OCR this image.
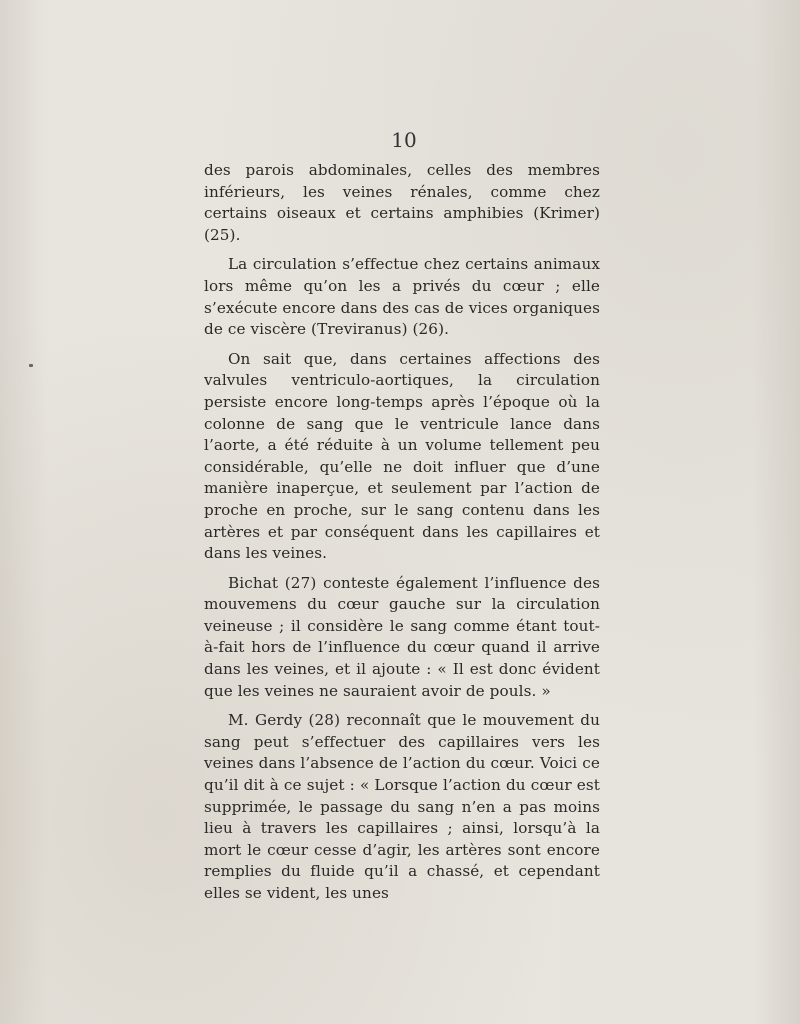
10

des parois abdominales, celles des membres inférieurs, les veines rénales, comme chez certains oiseaux et certains amphibies (Krimer) (25).

La circulation s’effectue chez certains animaux lors même qu’on les a privés du cœur ; elle s’exécute encore dans des cas de vices organiques de ce viscère (Treviranus) (26).

On sait que, dans certaines affections des valvules ventriculo-aortiques, la circulation persiste encore long-temps après l’époque où la colonne de sang que le ventricule lance dans l’aorte, a été réduite à un volume tellement peu considérable, qu’elle ne doit influer que d’une manière inaperçue, et seulement par l’action de proche en proche, sur le sang contenu dans les artères et par conséquent dans les capillaires et dans les veines.

Bichat (27) conteste également l’influence des mouvemens du cœur gauche sur la circulation veineuse ; il considère le sang comme étant tout-à-fait hors de l’influence du cœur quand il arrive dans les veines, et il ajoute : « Il est donc évident que les veines ne sauraient avoir de pouls. »

M. Gerdy (28) reconnaît que le mouvement du sang peut s’effectuer des capillaires vers les veines dans l’absence de l’action du cœur. Voici ce qu’il dit à ce sujet : « Lorsque l’action du cœur est supprimée, le passage du sang n’en a pas moins lieu à travers les capillaires ; ainsi, lorsqu’à la mort le cœur cesse d’agir, les artères sont encore remplies du fluide qu’il a chassé, et cependant elles se vident, les unes
